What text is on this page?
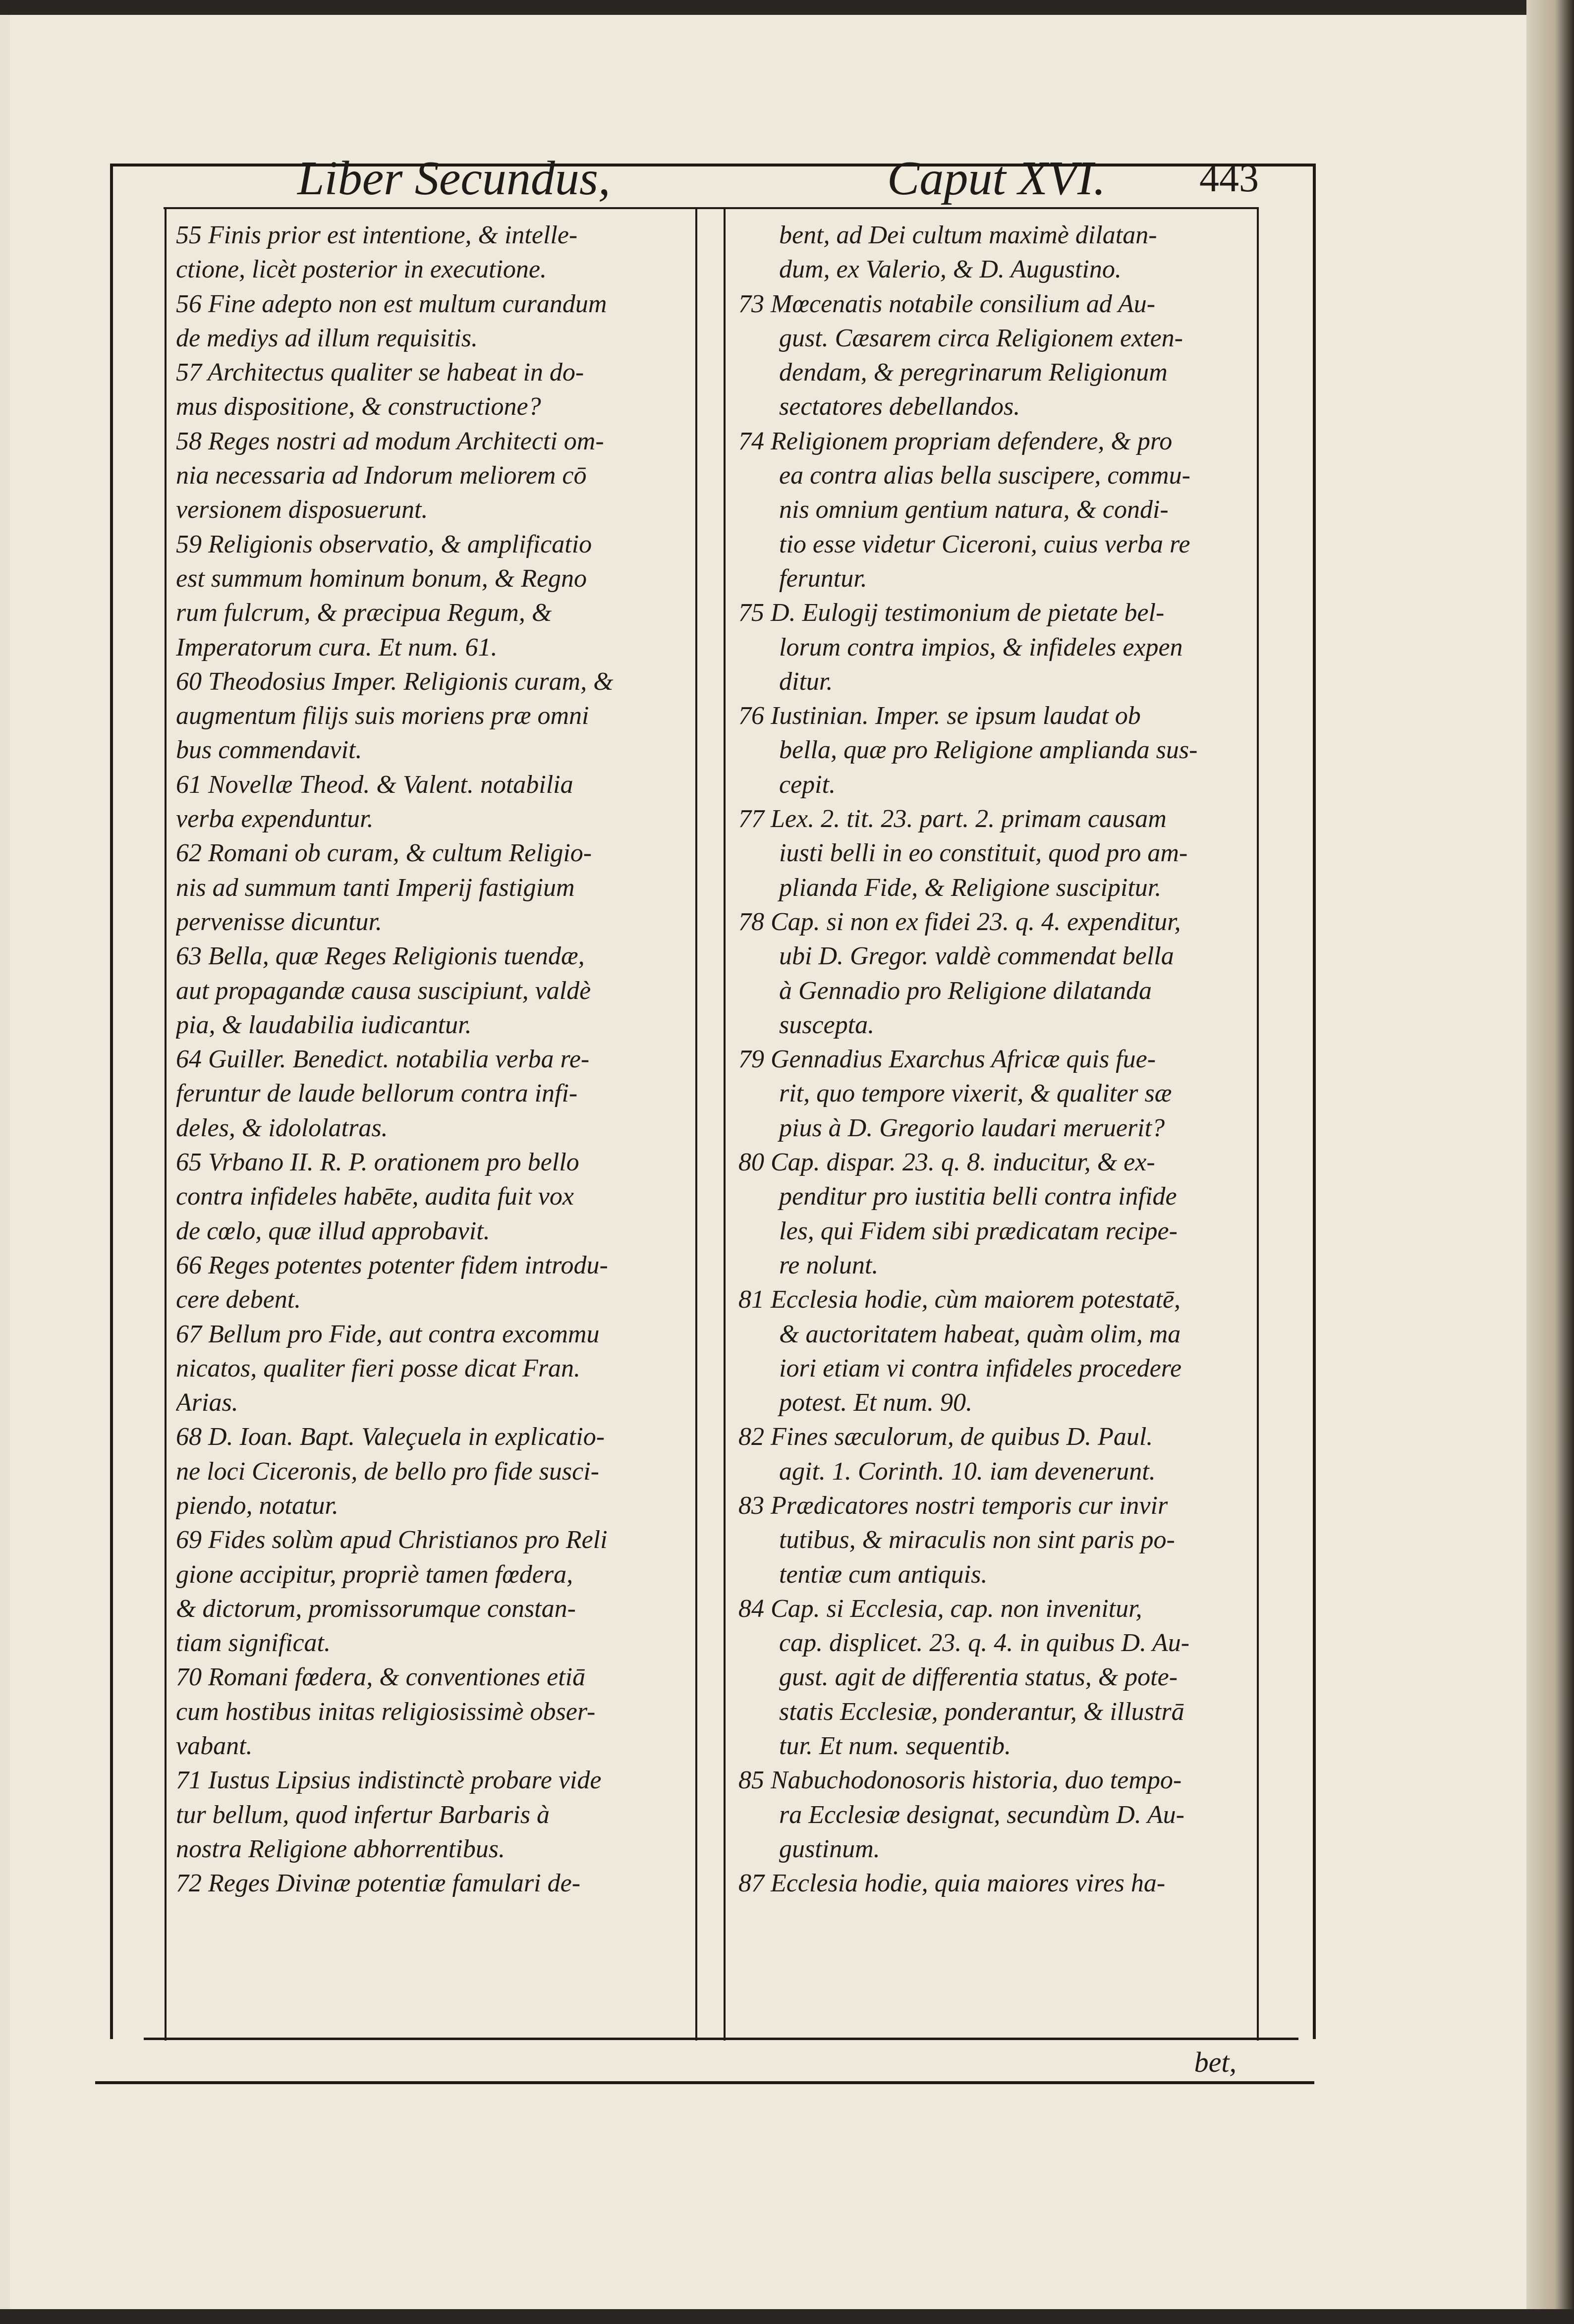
Liber Secundus,	Caput XVI. 443
bet,
55 Finis prior est intentione, & intelle-
ctione, licèt posterior in executione.
56 Fine adepto non est multum curandum
de mediys ad illum requisitis.
57 Architectus qualiter se habeat in do-
mus dispositione, & constructione?
58 Reges nostri ad modum Architecti om-
nia necessaria ad Indorum meliorem cō
versionem disposuerunt.
59 Religionis observatio, & amplificatio
est summum hominum bonum, & Regno
rum fulcrum, & præcipua Regum, &
Imperatorum cura. Et num. 61.
60 Theodosius Imper. Religionis curam, &
augmentum filijs suis moriens præ omni
bus commendavit.
61 Novellæ Theod. & Valent. notabilia
verba expenduntur.
62 Romani ob curam, & cultum Religio-
nis ad summum tanti Imperij fastigium
pervenisse dicuntur.
63 Bella, quæ Reges Religionis tuendæ,
aut propagandæ causa suscipiunt, valdè
pia, & laudabilia iudicantur.
64 Guiller. Benedict. notabilia verba re-
feruntur de laude bellorum contra infi-
deles, & idololatras.
65 Vrbano II. R. P. orationem pro bello
contra infideles habēte, audita fuit vox
de cœlo, quæ illud approbavit.
66 Reges potentes potenter fidem introdu-
cere debent.
67 Bellum pro Fide, aut contra excommu
nicatos, qualiter fieri posse dicat Fran.
Arias.
68 D. Ioan. Bapt. Valeçuela in explicatio-
ne loci Ciceronis, de bello pro fide susci-
piendo, notatur.
69 Fides solùm apud Christianos pro Reli
gione accipitur, propriè tamen fœdera,
& dictorum, promissorumque constan-
tiam significat.
70 Romani fœdera, & conventiones etiā
cum hostibus initas religiosissimè obser-
vabant.
71 Iustus Lipsius indistinctè probare vide
tur bellum, quod infertur Barbaris à
nostra Religione abhorrentibus.
72 Reges Divinæ potentiæ famulari de-
bent, ad Dei cultum maximè dilatan-
dum, ex Valerio, & D. Augustino.
73 Mœcenatis notabile consilium ad Au-
gust. Cæsarem circa Religionem exten-
dendam, & peregrinarum Religionum
sectatores debellandos.
74 Religionem propriam defendere, & pro
ea contra alias bella suscipere, commu-
nis omnium gentium natura, & condi-
tio esse videtur Ciceroni, cuius verba re
feruntur.
75 D. Eulogij testimonium de pietate bel-
lorum contra impios, & infideles expen
ditur.
76 Iustinian. Imper. se ipsum laudat ob
bella, quæ pro Religione amplianda sus-
cepit.
77 Lex. 2. tit. 23. part. 2. primam causam
iusti belli in eo constituit, quod pro am-
plianda Fide, & Religione suscipitur.
78 Cap. si non ex fidei 23. q. 4. expenditur,
ubi D. Gregor. valdè commendat bella
à Gennadio pro Religione dilatanda
suscepta.
79 Gennadius Exarchus Africæ quis fue-
rit, quo tempore vixerit, & qualiter sæ
pius à D. Gregorio laudari meruerit?
80 Cap. dispar. 23. q. 8. inducitur, & ex-
penditur pro iustitia belli contra infide
les, qui Fidem sibi prædicatam recipe-
re nolunt.
81 Ecclesia hodie, cùm maiorem potestatē,
& auctoritatem habeat, quàm olim, ma
iori etiam vi contra infideles procedere
potest. Et num. 90.
82 Fines sæculorum, de quibus D. Paul.
agit. 1. Corinth. 10. iam devenerunt.
83 Prædicatores nostri temporis cur invir
tutibus, & miraculis non sint paris po-
tentiæ cum antiquis.
84 Cap. si Ecclesia, cap. non invenitur,
cap. displicet. 23. q. 4. in quibus D. Au-
gust. agit de differentia status, & pote-
statis Ecclesiæ, ponderantur, & illustrā
tur. Et num. sequentib.
85 Nabuchodonosoris historia, duo tempo-
ra Ecclesiæ designat, secundùm D. Au-
gustinum.
87 Ecclesia hodie, quia maiores vires ha-
